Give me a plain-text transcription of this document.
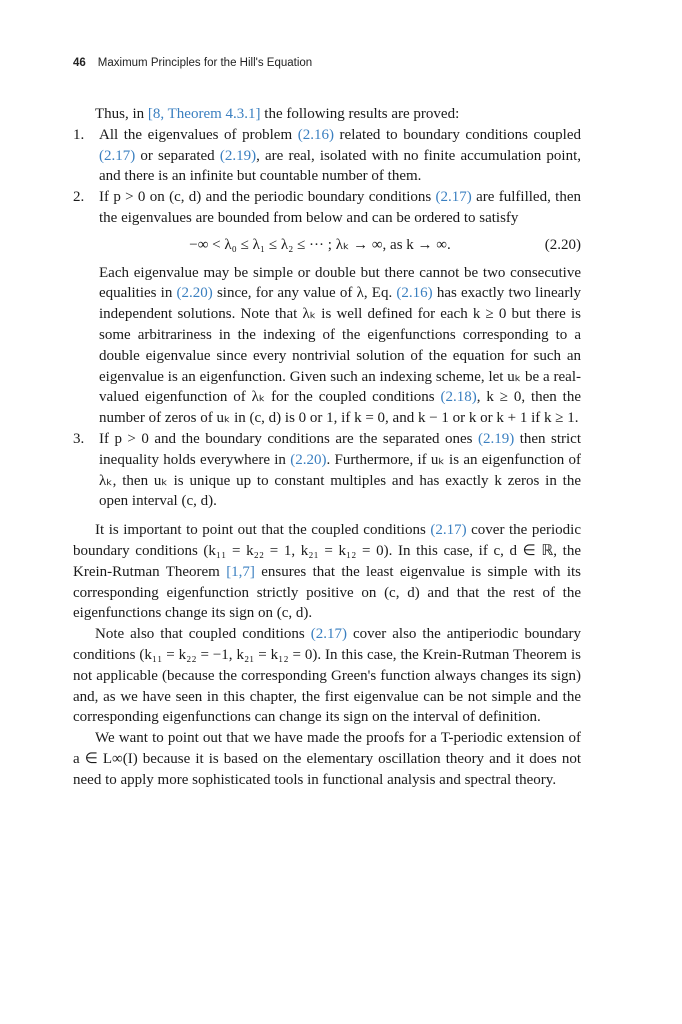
46 Maximum Principles for the Hill's Equation

Thus, in [8, Theorem 4.3.1] the following results are proved:

1. All the eigenvalues of problem (2.16) related to boundary conditions coupled (2.17) or separated (2.19), are real, isolated with no finite accumulation point, and there is an infinite but countable number of them.
2. If p > 0 on (c, d) and the periodic boundary conditions (2.17) are fulfilled, then the eigenvalues are bounded from below and can be ordered to satisfy
−∞ < λ₀ ≤ λ₁ ≤ λ₂ ≤ ··· ; λₖ → ∞, as k → ∞.	(2.20)
Each eigenvalue may be simple or double but there cannot be two consecutive equalities in (2.20) since, for any value of λ, Eq. (2.16) has exactly two linearly independent solutions. Note that λₖ is well defined for each k ≥ 0 but there is some arbitrariness in the indexing of the eigenfunctions corresponding to a double eigenvalue since every nontrivial solution of the equation for such an eigenvalue is an eigenfunction. Given such an indexing scheme, let uₖ be a real-valued eigenfunction of λₖ for the coupled conditions (2.18), k ≥ 0, then the number of zeros of uₖ in (c, d) is 0 or 1, if k = 0, and k − 1 or k or k + 1 if k ≥ 1.
3. If p > 0 and the boundary conditions are the separated ones (2.19) then strict inequality holds everywhere in (2.20). Furthermore, if uₖ is an eigenfunction of λₖ, then uₖ is unique up to constant multiples and has exactly k zeros in the open interval (c, d).

It is important to point out that the coupled conditions (2.17) cover the periodic boundary conditions (k₁₁ = k₂₂ = 1, k₂₁ = k₁₂ = 0). In this case, if c, d ∈ ℝ, the Krein-Rutman Theorem [1,7] ensures that the least eigenvalue is simple with its corresponding eigenfunction strictly positive on (c, d) and that the rest of the eigenfunctions change its sign on (c, d).

Note also that coupled conditions (2.17) cover also the antiperiodic boundary conditions (k₁₁ = k₂₂ = −1, k₂₁ = k₁₂ = 0). In this case, the Krein-Rutman Theorem is not applicable (because the corresponding Green's function always changes its sign) and, as we have seen in this chapter, the first eigenvalue can be not simple and the corresponding eigenfunctions can change its sign on the interval of definition.

We want to point out that we have made the proofs for a T-periodic extension of a ∈ L∞(I) because it is based on the elementary oscillation theory and it does not need to apply more sophisticated tools in functional analysis and spectral theory.
